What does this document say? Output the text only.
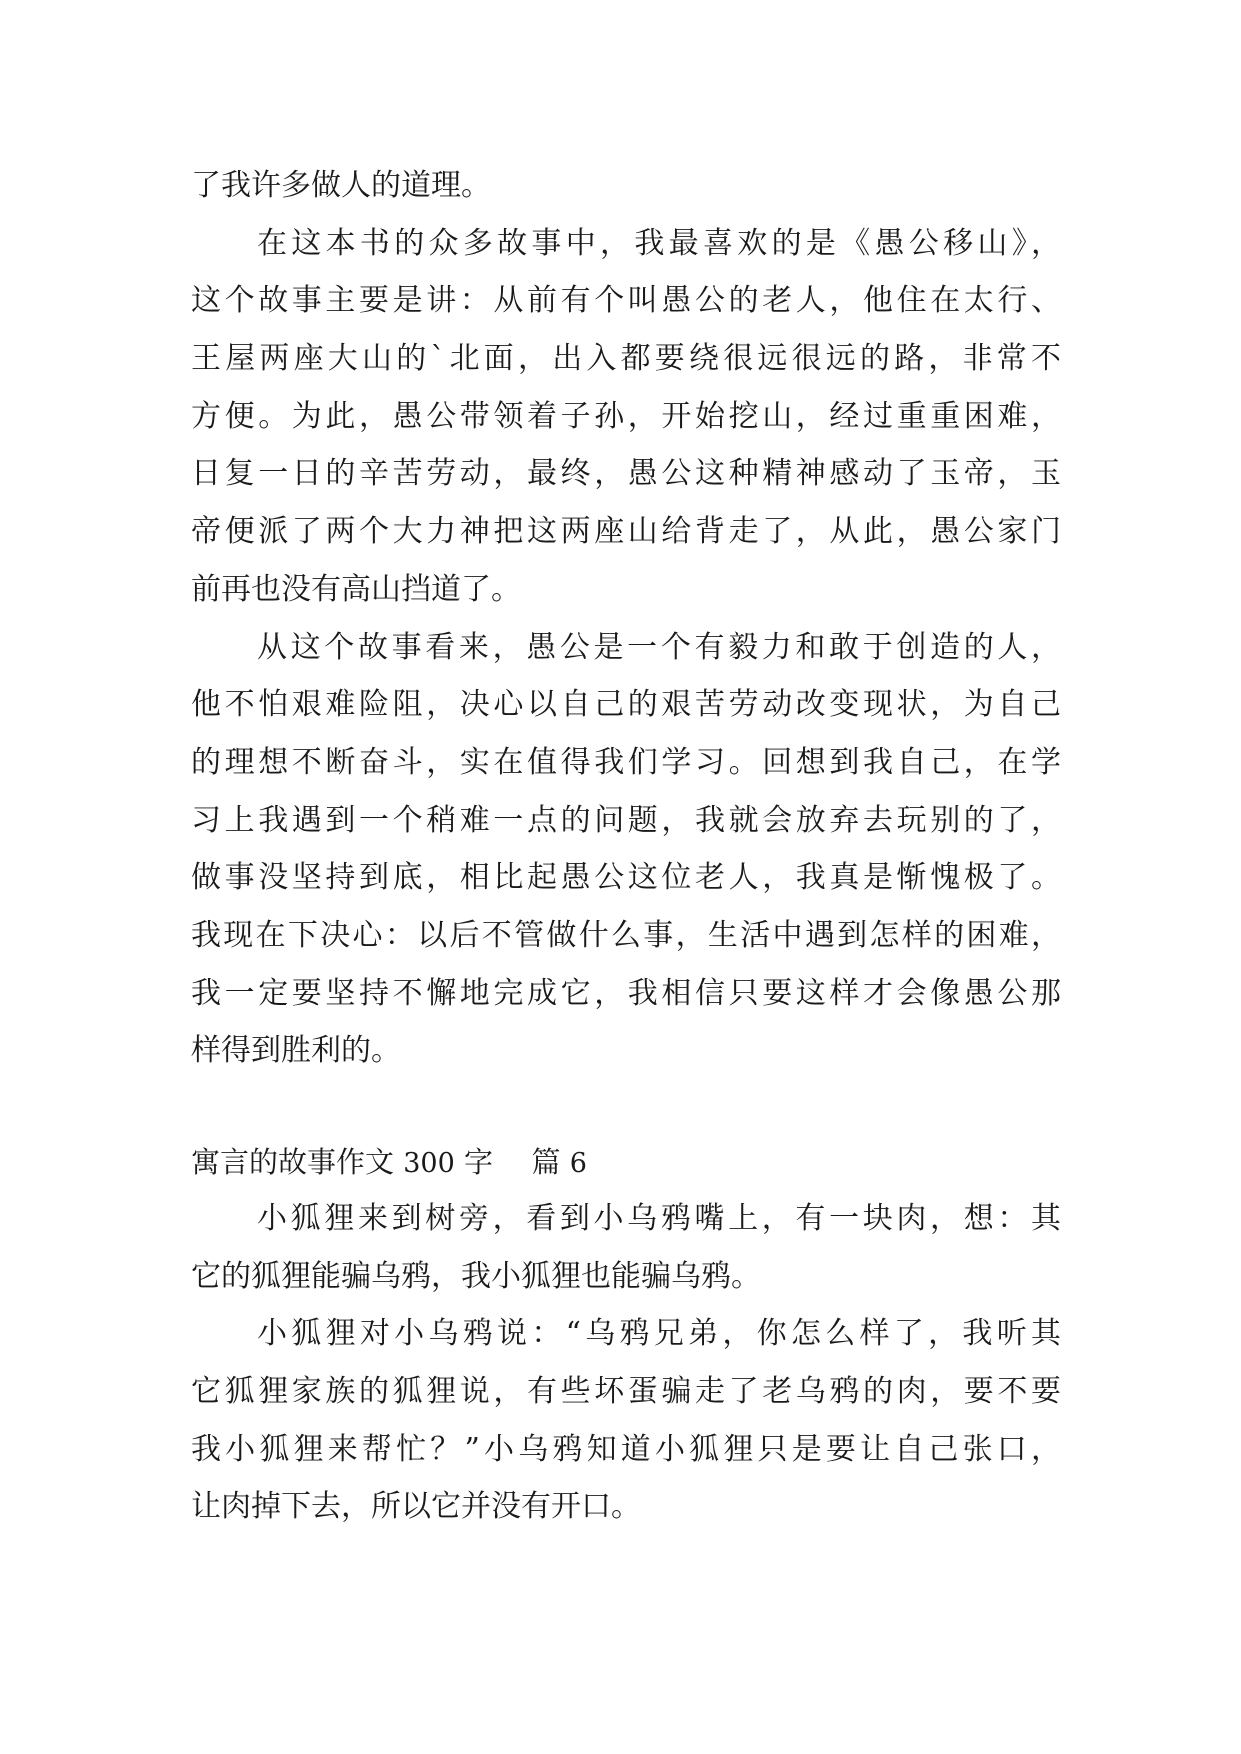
了我许多做人的道理。
在这本书的众多故事中，我最喜欢的是《愚公移山》，
这个故事主要是讲：从前有个叫愚公的老人，他住在太行、
王屋两座大山的`北面，出入都要绕很远很远的路，非常不
方便。为此，愚公带领着子孙，开始挖山，经过重重困难，
日复一日的辛苦劳动，最终，愚公这种精神感动了玉帝，玉
帝便派了两个大力神把这两座山给背走了，从此，愚公家门
前再也没有高山挡道了。
从这个故事看来，愚公是一个有毅力和敢于创造的人，
他不怕艰难险阻，决心以自己的艰苦劳动改变现状，为自己
的理想不断奋斗，实在值得我们学习。回想到我自己，在学
习上我遇到一个稍难一点的问题，我就会放弃去玩别的了，
做事没坚持到底，相比起愚公这位老人，我真是惭愧极了。
我现在下决心：以后不管做什么事，生活中遇到怎样的困难，
我一定要坚持不懈地完成它，我相信只要这样才会像愚公那
样得到胜利的。
寓言的故事作文 300 字 篇 6
小狐狸来到树旁，看到小乌鸦嘴上，有一块肉，想：其
它的狐狸能骗乌鸦，我小狐狸也能骗乌鸦。
小狐狸对小乌鸦说：“乌鸦兄弟，你怎么样了，我听其
它狐狸家族的狐狸说，有些坏蛋骗走了老乌鸦的肉，要不要
我小狐狸来帮忙？”小乌鸦知道小狐狸只是要让自己张口，
让肉掉下去，所以它并没有开口。
